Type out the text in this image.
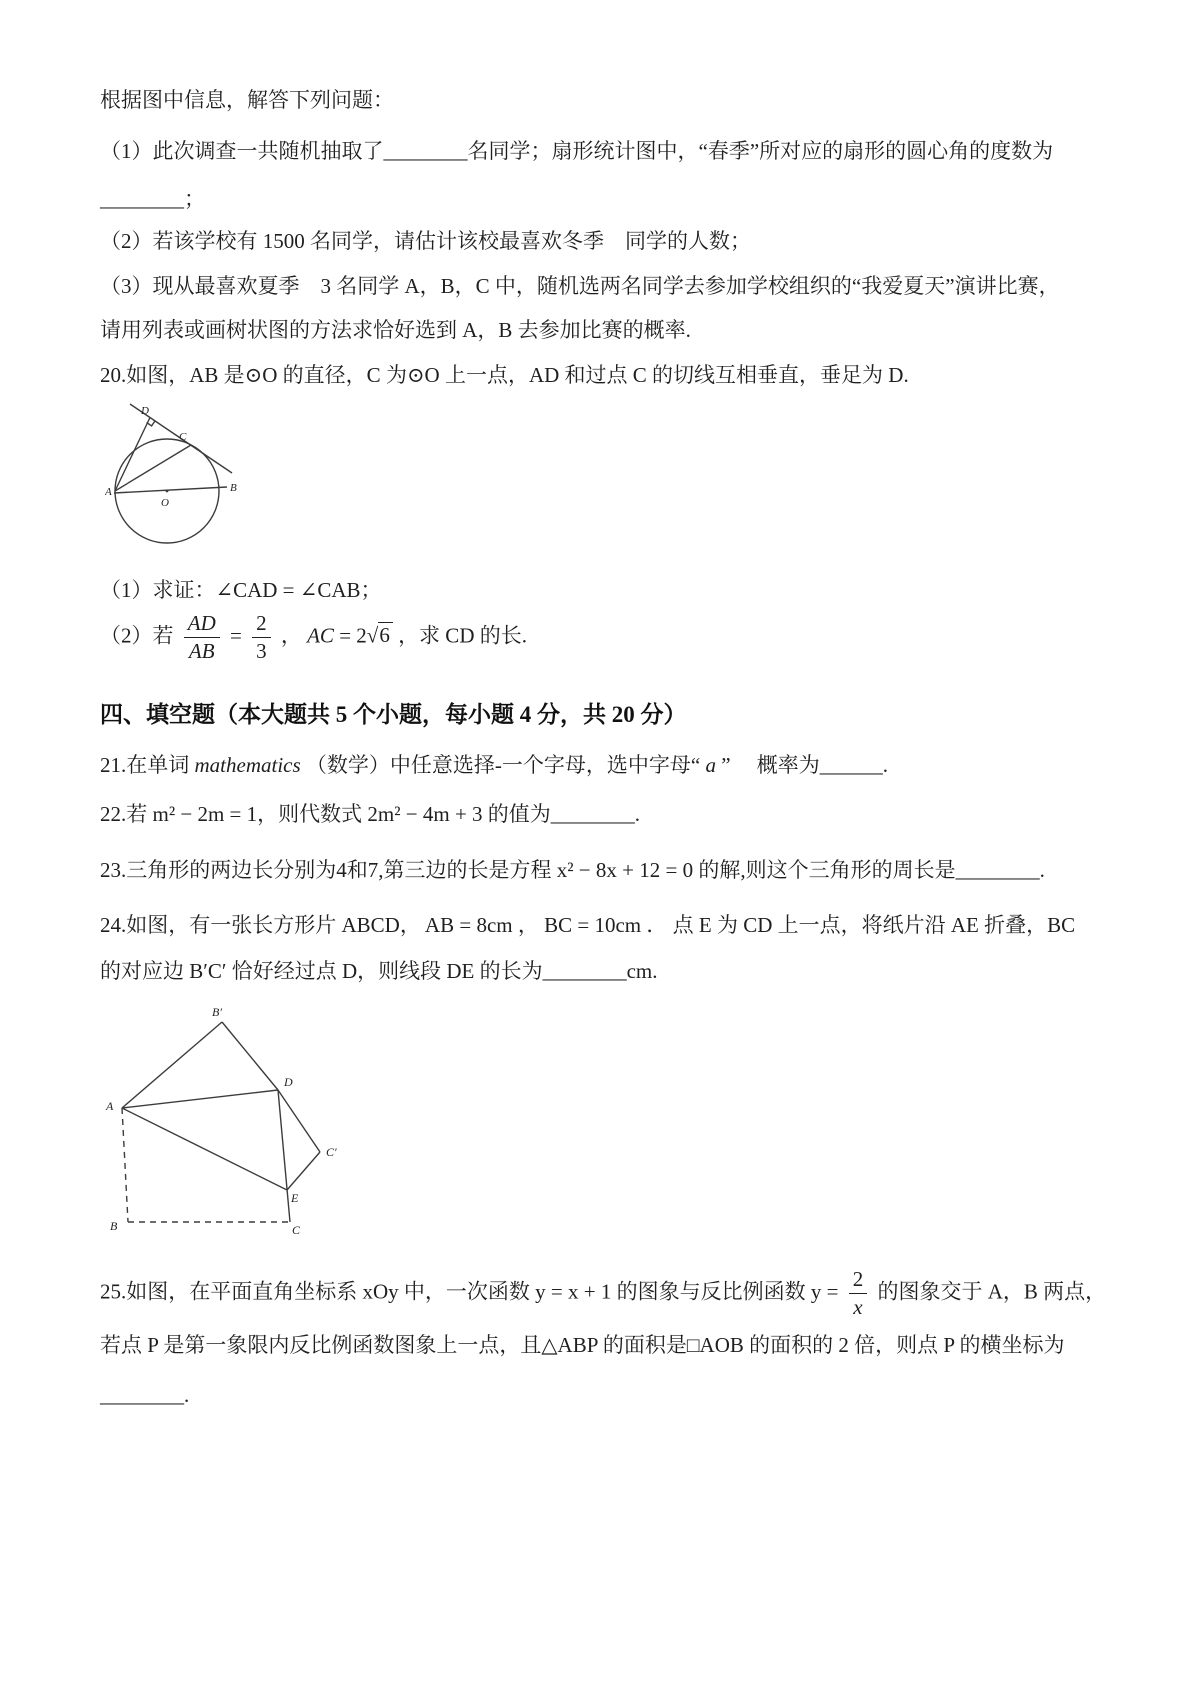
根据图中信息，解答下列问题：
（1）此次调查一共随机抽取了________名同学；扇形统计图中，“春季”所对应的扇形的圆心角的度数为
________；
（2）若该学校有 1500 名同学，请估计该校最喜欢冬季　同学的人数；
（3）现从最喜欢夏季　3 名同学 A，B，C 中，随机选两名同学去参加学校组织的“我爱夏天”演讲比赛，
请用列表或画树状图的方法求恰好选到 A，B 去参加比赛的概率.
20.如图，AB 是⊙O 的直径，C 为⊙O 上一点，AD 和过点 C 的切线互相垂直，垂足为 D.
D
C
A	B
O
（1）求证：∠CAD = ∠CAB；
（2）若 $\frac{AD}{AB} = \frac{2}{3}$ ， AC = 2√6 ，求 CD 的长.
四、填空题（本大题共 5 个小题，每小题 4 分，共 20 分）
21.在单词 mathematics （数学）中任意选择-一个字母，选中字母“ a ”　 概率为______.
22.若 m² − 2m = 1，则代数式 2m² − 4m + 3 的值为________.
23.三角形的两边长分别为4和7,第三边的长是方程 x² − 8x + 12 = 0 的解,则这个三角形的周长是________.
24.如图，有一张长方形片 ABCD， AB = 8cm ， BC = 10cm ． 点 E 为 CD 上一点，将纸片沿 AE 折叠，BC
的对应边 B′C′ 恰好经过点 D，则线段 DE 的长为________cm.
B′
D
A
C′
E
B	C
25.如图，在平面直角坐标系 xOy 中，一次函数 y = x + 1 的图象与反比例函数 $y = \frac{2}{x}$ 的图象交于 A，B 两点，
若点 P 是第一象限内反比例函数图象上一点，且△ABP 的面积是□AOB 的面积的 2 倍，则点 P 的横坐标为
________.
